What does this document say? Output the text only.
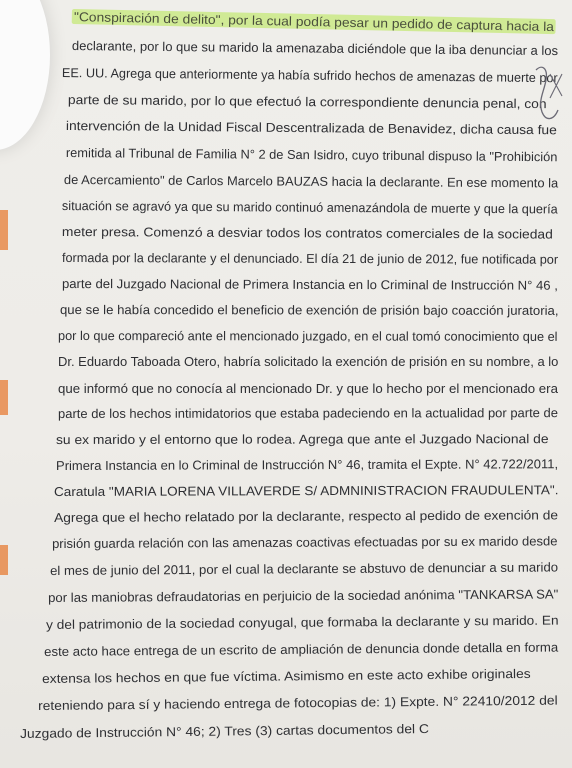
"Conspiración de delito", por la cual podía pesar un pedido de captura hacia la
declarante, por lo que su marido la amenazaba diciéndole que la iba denunciar a los
EE. UU. Agrega que anteriormente ya había sufrido hechos de amenazas de muerte por
parte de su marido, por lo que efectuó la correspondiente denuncia penal, con
intervención de la Unidad Fiscal Descentralizada de Benavidez, dicha causa fue
remitida al Tribunal de Familia N° 2 de San Isidro, cuyo tribunal dispuso la "Prohibición
de Acercamiento" de Carlos Marcelo BAUZAS hacia la declarante. En ese momento la
situación se agravó ya que su marido continuó amenazándola de muerte y que la quería
meter presa. Comenzó a desviar todos los contratos comerciales de la sociedad
formada por la declarante y el denunciado. El día 21 de junio de 2012, fue notificada por
parte del Juzgado Nacional de Primera Instancia en lo Criminal de Instrucción N° 46 ,
que se le había concedido el beneficio de exención de prisión bajo coacción juratoria,
por lo que compareció ante el mencionado juzgado, en el cual tomó conocimiento que el
Dr. Eduardo Taboada Otero, habría solicitado la exención de prisión en su nombre, a lo
que informó que no conocía al mencionado Dr. y que lo hecho por el mencionado era
parte de los hechos intimidatorios que estaba padeciendo en la actualidad por parte de
su ex marido y el entorno que lo rodea. Agrega que ante el Juzgado Nacional de
Primera Instancia en lo Criminal de Instrucción N° 46, tramita el Expte. N° 42.722/2011,
Caratula "MARIA LORENA VILLAVERDE S/ ADMNINISTRACION FRAUDULENTA".
Agrega que el hecho relatado por la declarante, respecto al pedido de exención de
prisión guarda relación con las amenazas coactivas efectuadas por su ex marido desde
el mes de junio del 2011, por el cual la declarante se abstuvo de denunciar a su marido
por las maniobras defraudatorias en perjuicio de la sociedad anónima "TANKARSA SA"
y del patrimonio de la sociedad conyugal, que formaba la declarante y su marido. En
este acto hace entrega de un escrito de ampliación de denuncia donde detalla en forma
extensa los hechos en que fue víctima. Asimismo en este acto exhibe originales
reteniendo para sí y haciendo entrega de fotocopias de: 1) Expte. N° 22410/2012 del
Juzgado de Instrucción N° 46; 2) Tres (3) cartas documentos del C
